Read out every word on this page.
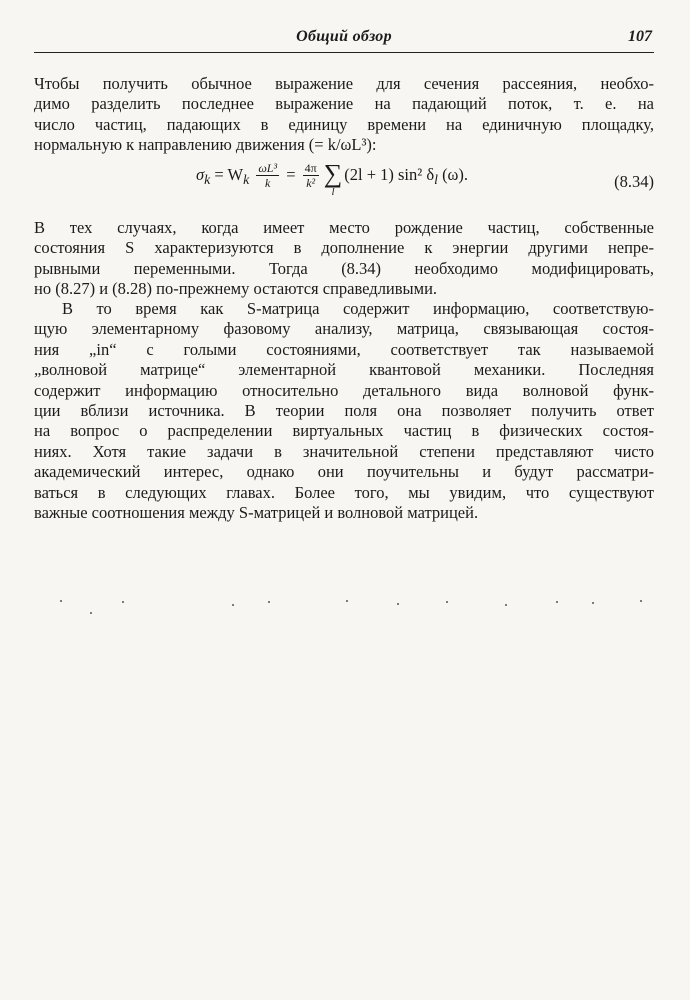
Общий обзор	107
Чтобы получить обычное выражение для сечения рассеяния, необхо-
димо разделить последнее выражение на падающий поток, т. е. на
число частиц, падающих в единицу времени на единичную площадку,
нормальную к направлению движения (= k/ωL³):
$\sigma_k = W_k \frac{\text{ωL³}}{k} = \frac{4\pi}{\text{k²}}$ ∑
l
(2l + 1) sin² $\delta_l$ (ω).	(8.34)
В тех случаях, когда имеет место рождение частиц, собственные
состояния S характеризуются в дополнение к энергии другими непре-
рывными переменными. Тогда (8.34) необходимо модифицировать,
но (8.27) и (8.28) по-прежнему остаются справедливыми.
В то время как S-матрица содержит информацию, соответствую-
щую элементарному фазовому анализу, матрица, связывающая состоя-
ния „in“ с голыми состояниями, соответствует так называемой
„волновой матрице“ элементарной квантовой механики. Последняя
содержит информацию относительно детального вида волновой функ-
ции вблизи источника. В теории поля она позволяет получить ответ
на вопрос о распределении виртуальных частиц в физических состоя-
ниях. Хотя такие задачи в значительной степени представляют чисто
академический интерес, однако они поучительны и будут рассматри-
ваться в следующих главах. Более того, мы увидим, что существуют
важные соотношения между S-матрицей и волновой матрицей.
